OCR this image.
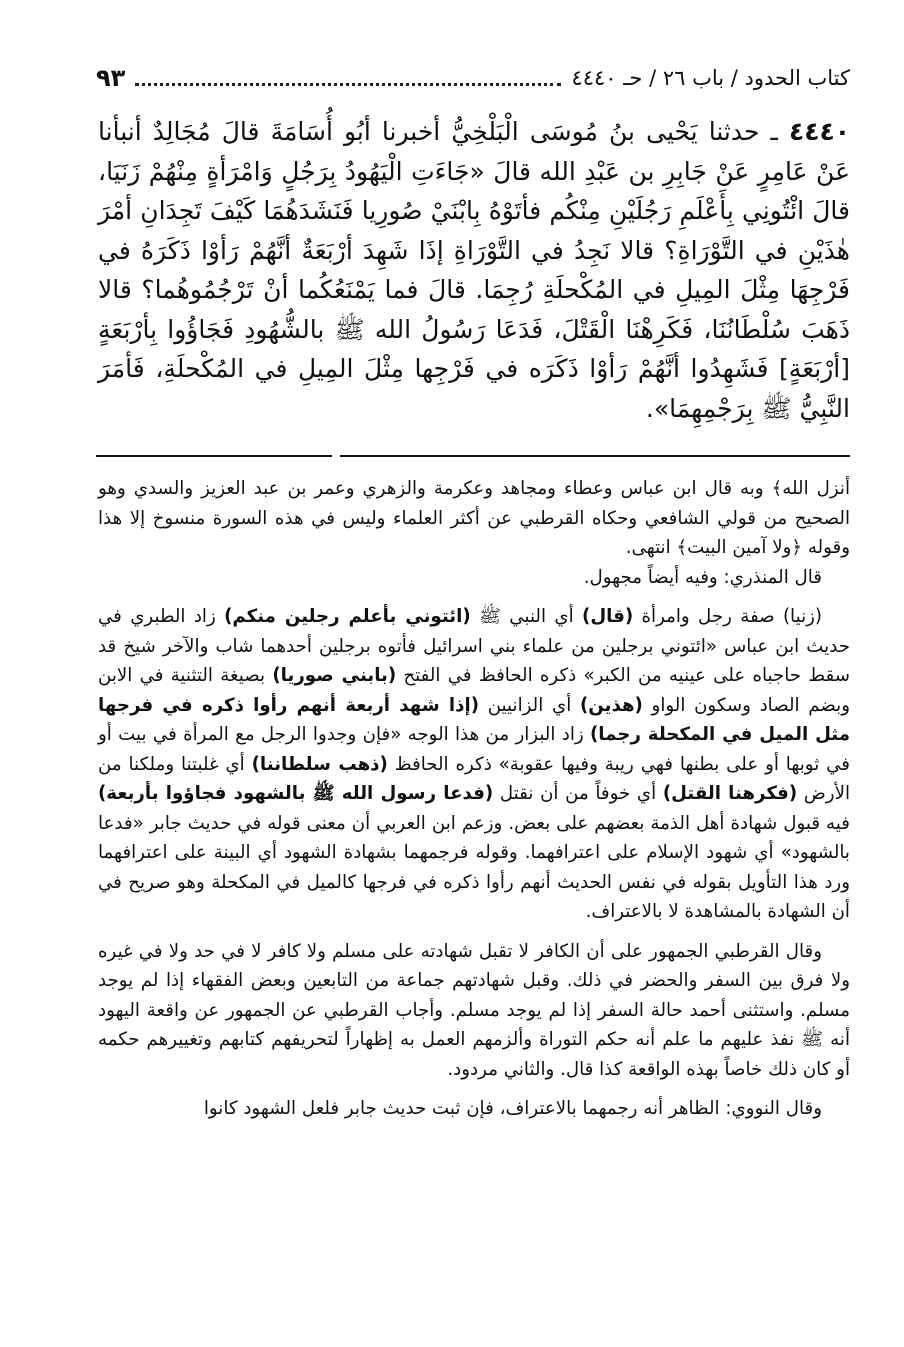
كتاب الحدود / باب ٢٦ / حـ ٤٤٤٠
٩٣
٤٤٤٠ ـ حدثنا يَحْيى بنُ مُوسَى الْبَلْخِيُّ أخبرنا أبُو أُسَامَةَ قالَ مُجَالِدٌ أنبأنا عَنْ عَامِرٍ عَنْ جَابِرِ بن عَبْدِ الله قالَ «جَاءَتِ الْيَهُودُ بِرَجُلٍ وَامْرَأةٍ مِنْهُمْ زَنَيَا، قالَ ائْتُونِي بِأَعْلَمِ رَجُلَيْنِ مِنْكُم فأتَوْهُ بِابْنَيْ صُورِيا فَنَشَدَهُمَا كَيْفَ تَجِدَانِ أمْرَ هٰذَيْنِ في التَّوْرَاةِ؟ قالا نَجِدُ في التَّوْرَاةِ إذَا شَهِدَ أرْبَعَةٌ أنَّهُمْ رَأوْا ذَكَرَهُ في فَرْجِهَا مِثْلَ المِيلِ في المُكْحلَةِ رُجِمَا. قالَ فما يَمْنَعُكُما أنْ تَرْجُمُوهُما؟ قالا ذَهَبَ سُلْطَانُنَا، فَكَرِهْنَا الْقَتْلَ، فَدَعَا رَسُولُ الله ﷺ بالشُّهُودِ فَجَاؤُوا بِأرْبَعَةٍ [أرْبَعَةٍ] فَشَهِدُوا أنَّهُمْ رَأوْا ذَكَرَه في فَرْجِها مِثْلَ المِيلِ في المُكْحلَةِ، فَأمَرَ النَّبِيُّ ﷺ بِرَجْمِهِمَا».

أنزل الله﴾ وبه قال ابن عباس وعطاء ومجاهد وعكرمة والزهري وعمر بن عبد العزيز والسدي وهو الصحيح من قولي الشافعي وحكاه القرطبي عن أكثر العلماء وليس في هذه السورة منسوخ إلا هذا وقوله ﴿ولا آمين البيت﴾ انتهى.

قال المنذري: وفيه أيضاً مجهول.

(زنيا) صفة رجل وامرأة (قال) أي النبي ﷺ (ائتوني بأعلم رجلين منكم) زاد الطبري في حديث ابن عباس «ائتوني برجلين من علماء بني اسرائيل فأتوه برجلين أحدهما شاب والآخر شيخ قد سقط حاجباه على عينيه من الكبر» ذكره الحافظ في الفتح (بابني صوريا) بصيغة التثنية في الابن وبضم الصاد وسكون الواو (هذين) أي الزانيين (إذا شهد أربعة أنهم رأوا ذكره في فرجها مثل الميل في المكحلة رجما) زاد البزار من هذا الوجه «فإن وجدوا الرجل مع المرأة في بيت أو في ثوبها أو على بطنها فهي ريبة وفيها عقوبة» ذكره الحافظ (ذهب سلطاننا) أي غلبتنا وملكنا من الأرض (فكرهنا القتل) أي خوفاً من أن نقتل (فدعا رسول الله ﷺ بالشهود فجاؤوا بأربعة) فيه قبول شهادة أهل الذمة بعضهم على بعض. وزعم ابن العربي أن معنى قوله في حديث جابر «فدعا بالشهود» أي شهود الإسلام على اعترافهما. وقوله فرجمهما بشهادة الشهود أي البينة على اعترافهما ورد هذا التأويل بقوله في نفس الحديث أنهم رأوا ذكره في فرجها كالميل في المكحلة وهو صريح في أن الشهادة بالمشاهدة لا بالاعتراف.

وقال القرطبي الجمهور على أن الكافر لا تقبل شهادته على مسلم ولا كافر لا في حد ولا في غيره ولا فرق بين السفر والحضر في ذلك. وقبل شهادتهم جماعة من التابعين وبعض الفقهاء إذا لم يوجد مسلم. واستثنى أحمد حالة السفر إذا لم يوجد مسلم. وأجاب القرطبي عن الجمهور عن واقعة اليهود أنه ﷺ نفذ عليهم ما علم أنه حكم التوراة وألزمهم العمل به إظهاراً لتحريفهم كتابهم وتغييرهم حكمه أو كان ذلك خاصاً بهذه الواقعة كذا قال. والثاني مردود.

وقال النووي: الظاهر أنه رجمهما بالاعتراف، فإن ثبت حديث جابر فلعل الشهود كانوا
